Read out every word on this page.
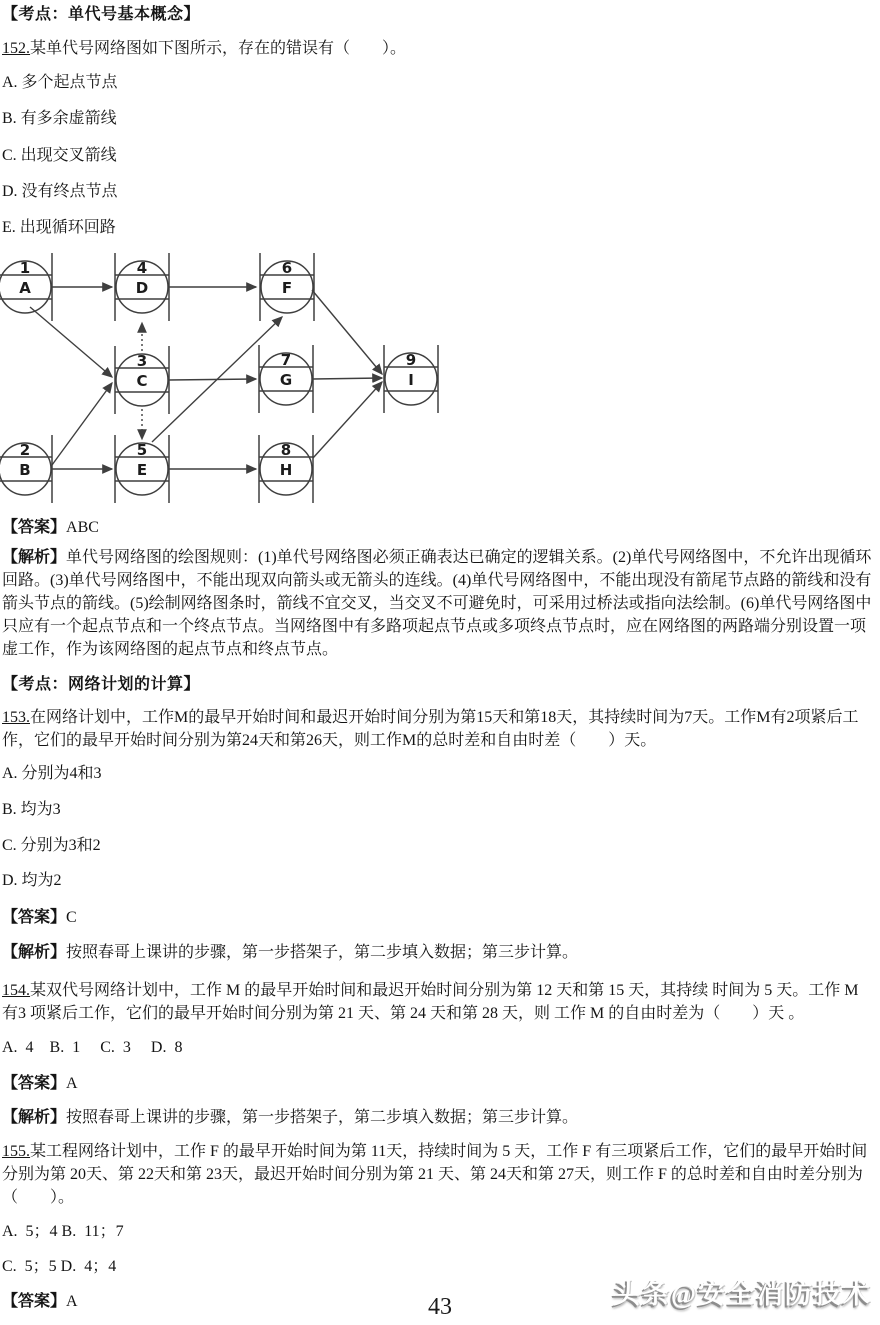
【考点：单代号基本概念】
152.某单代号网络图如下图所示，存在的错误有（　　）。
A. 多个起点节点
B. 有多余虚箭线
C. 出现交叉箭线
D. 没有终点节点
E. 出现循环回路
1
A
4
D
6
F
3
C
7
G
9
I
2
B
5
E
8
H
【答案】ABC
【解析】单代号网络图的绘图规则：(1)单代号网络图必须正确表达已确定的逻辑关系。(2)单代号网络图中，不允许出现循环回路。(3)单代号网络图中，不能出现双向箭头或无箭头的连线。(4)单代号网络图中，不能出现没有箭尾节点路的箭线和没有箭头节点的箭线。(5)绘制网络图条时，箭线不宜交叉，当交叉不可避免时，可采用过桥法或指向法绘制。(6)单代号网络图中只应有一个起点节点和一个终点节点。当网络图中有多路项起点节点或多项终点节点时，应在网络图的两路端分别设置一项虚工作，作为该网络图的起点节点和终点节点。
【考点：网络计划的计算】
153.在网络计划中，工作M的最早开始时间和最迟开始时间分别为第15天和第18天，其持续时间为7天。工作M有2项紧后工作，它们的最早开始时间分别为第24天和第26天，则工作M的总时差和自由时差（　　）天。
A. 分别为4和3
B. 均为3
C. 分别为3和2
D. 均为2
【答案】C
【解析】按照春哥上课讲的步骤，第一步搭架子，第二步填入数据；第三步计算。
154.某双代号网络计划中，工作 M 的最早开始时间和最迟开始时间分别为第 12 天和第 15 天，其持续 时间为 5 天。工作 M 有3 项紧后工作，它们的最早开始时间分别为第 21 天、第 24 天和第 28 天，则 工作 M 的自由时差为（　　）天 。
A.  4    B.  1     C.  3     D.  8
【答案】A
【解析】按照春哥上课讲的步骤，第一步搭架子，第二步填入数据；第三步计算。
155.某工程网络计划中，工作 F 的最早开始时间为第 11天，持续时间为 5 天，工作 F 有三项紧后工作，它们的最早开始时间分别为第 20天、第 22天和第 23天，最迟开始时间分别为第 21 天、第 24天和第 27天，则工作 F 的总时差和自由时差分别为（　　）。
A.  5；4 B.  11；7
C.  5；5 D.  4；4
【答案】A	头条@安全消防技术
43
